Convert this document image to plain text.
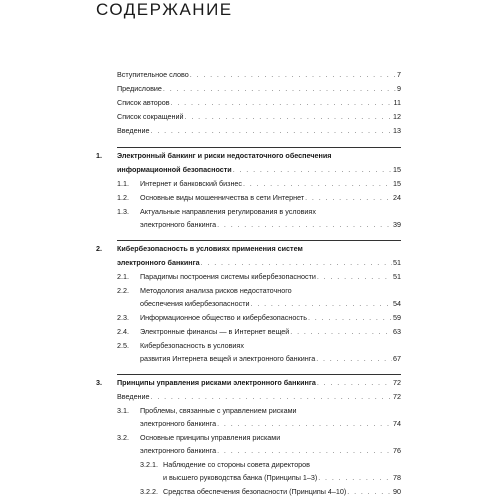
СОДЕРЖАНИЕ
Вступительное слово . . .	7
Предисловие . . .	9
Список авторов . . .	11
Список сокращений . . .	12
Введение . . .	13
1. Электронный банкинг и риски недостаточного обеспечения
информационной безопасности . . .	15
1.1.	Интернет и банковский бизнес . . .	15
1.2.	Основные виды мошенничества в сети Интернет . . .	24
1.3. Актуальные направления регулирования в условиях
электронного банкинга . . .	39
2. Кибербезопасность в условиях применения систем
электронного банкинга . . .	51
2.1.	Парадигмы построения системы кибербезопасности . . .	51
2.2. Методология анализа рисков недостаточного
обеспечения кибербезопасности . . .	54
2.3.	Информационное общество и кибербезопасность . . .	59
2.4.	Электронные финансы — в Интернет вещей . . .	63
2.5. Кибербезопасность в условиях
развития Интернета вещей и электронного банкинга . . .	67
3. Принципы управления рисками электронного банкинга . . .	72
Введение . . .	72
3.1. Проблемы, связанные с управлением рисками
электронного банкинга . . .	74
3.2. Основные принципы управления рисками
электронного банкинга . . .	76
3.2.1. Наблюдение со стороны совета директоров
и высшего руководства банка (Принципы 1–3) . . .	78
3.2.2. Средства обеспечения безопасности (Принципы 4–10) . . .	90
